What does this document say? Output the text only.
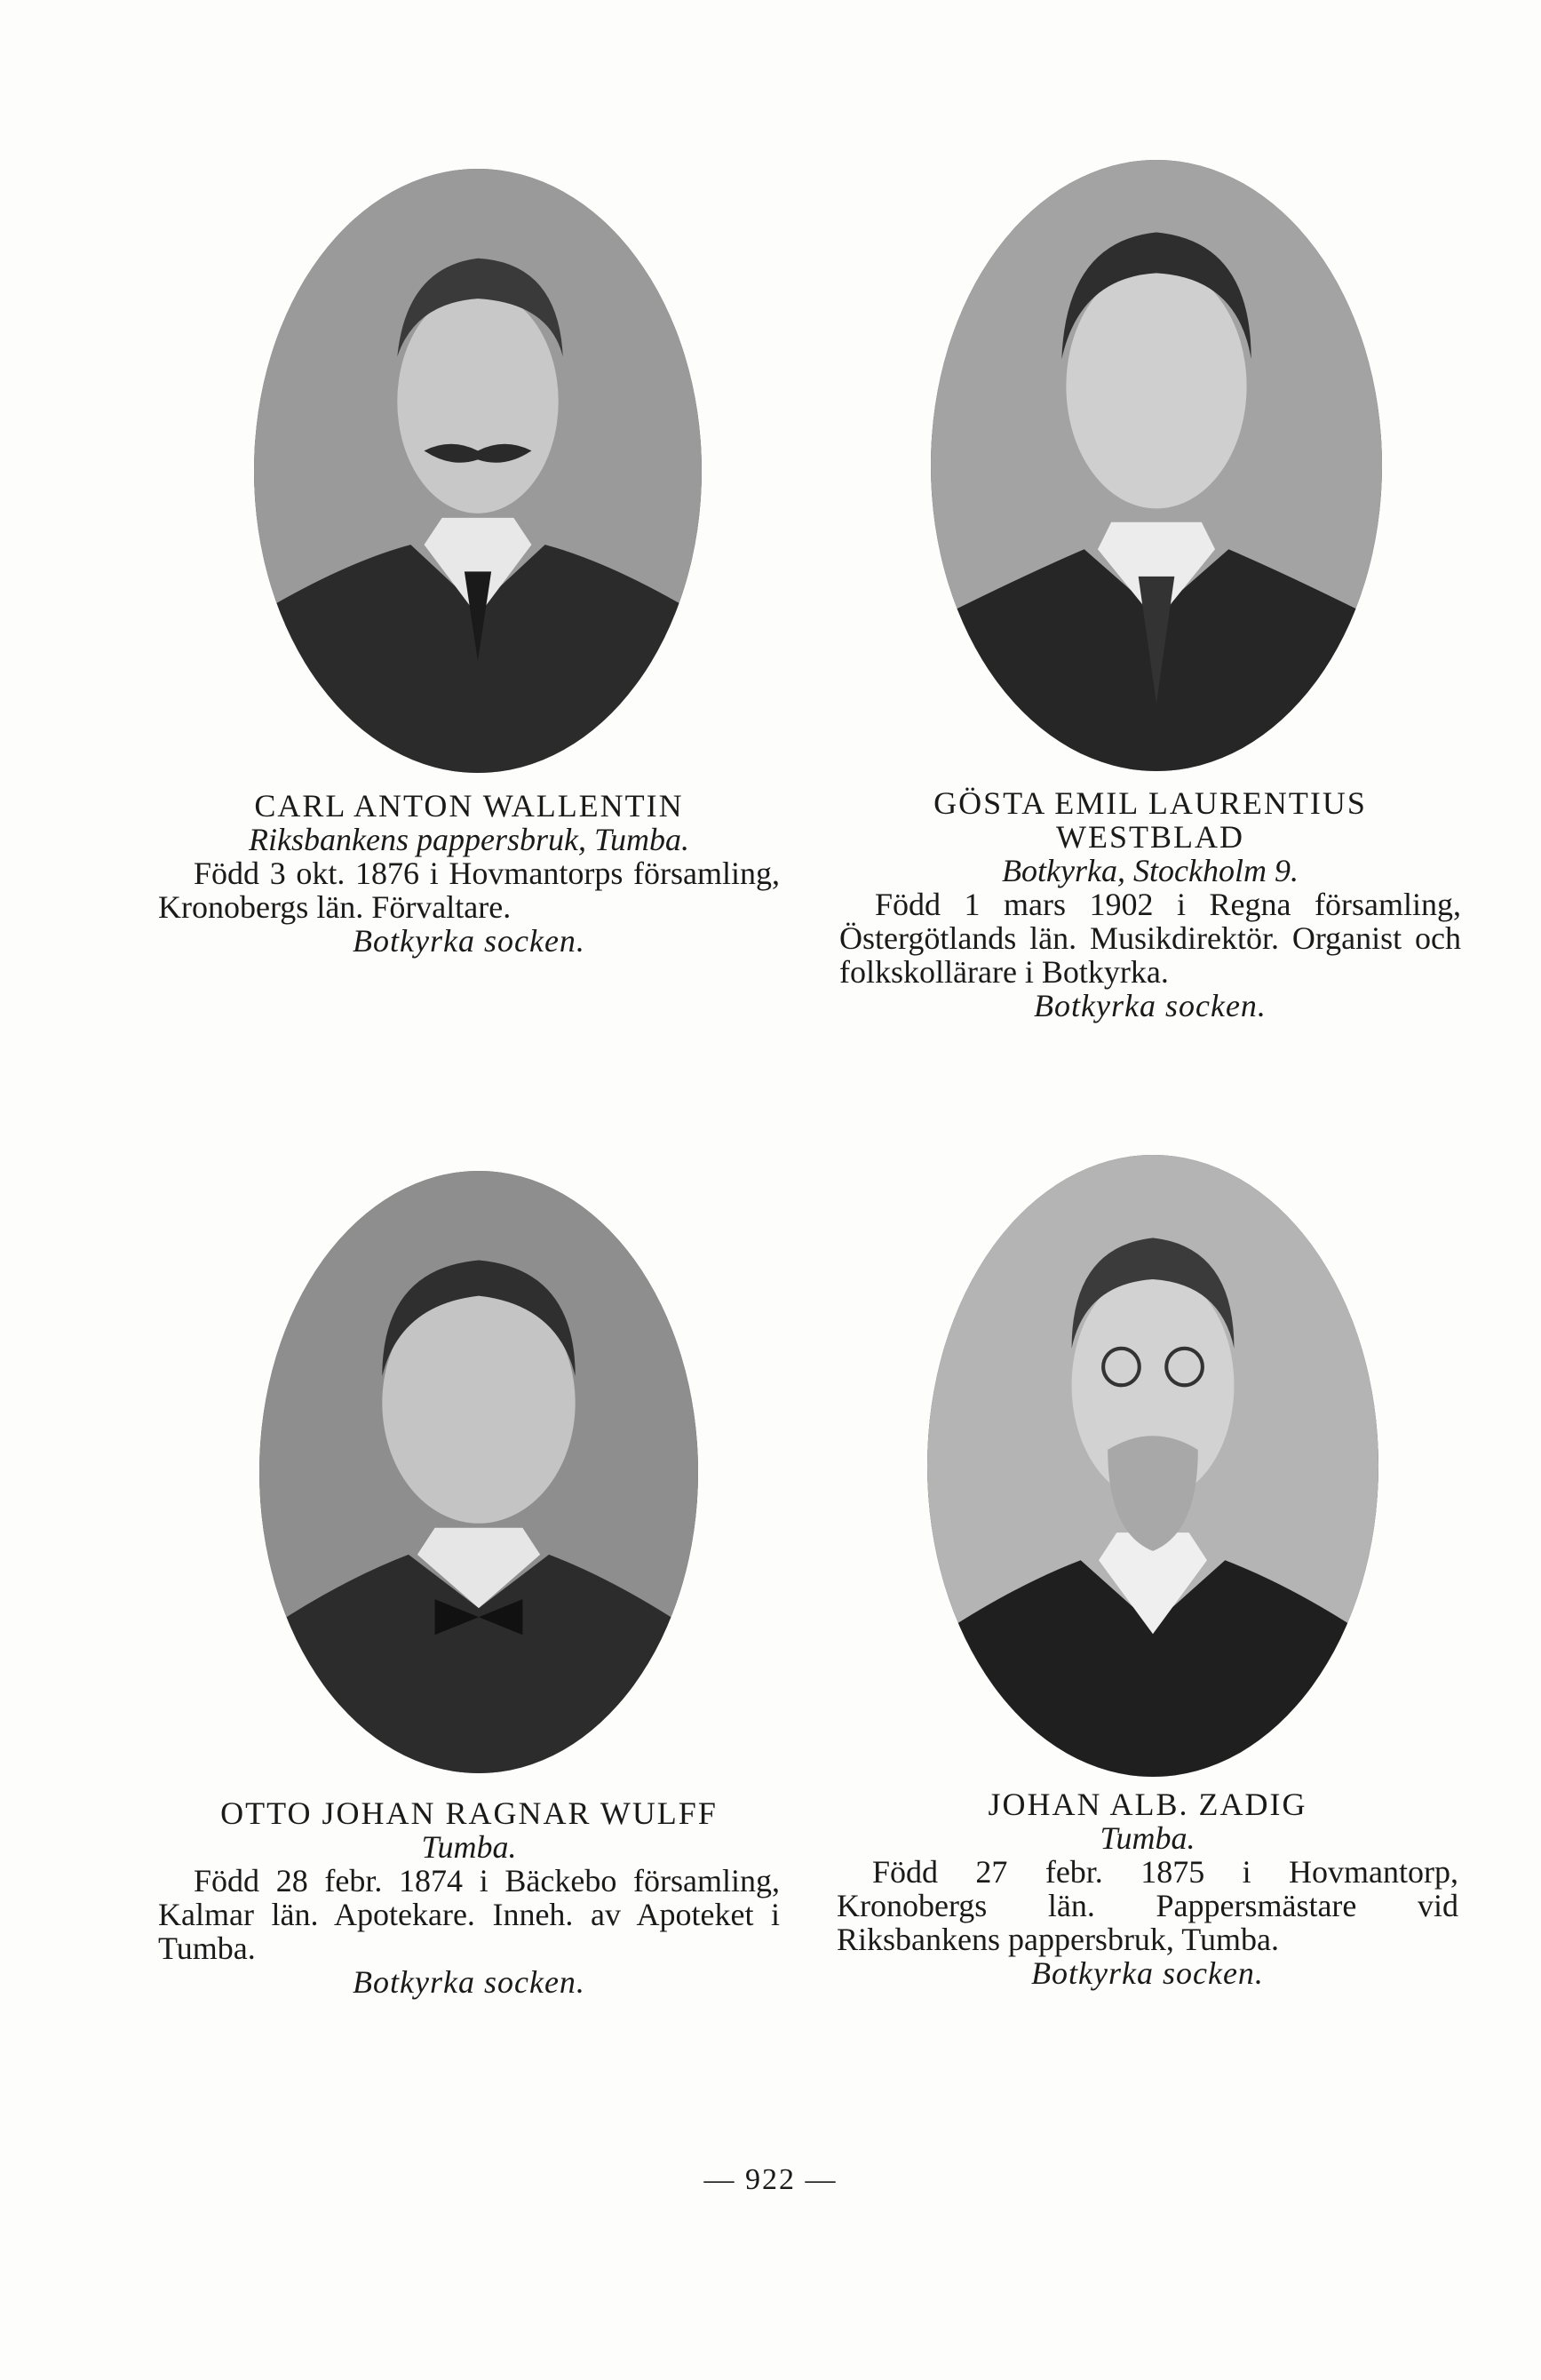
CARL ANTON WALLENTIN
Riksbankens pappersbruk, Tumba.
Född 3 okt. 1876 i Hovmantorps församling, Kronobergs län. Förvaltare.
Botkyrka socken.
GÖSTA EMIL LAURENTIUS WESTBLAD
Botkyrka, Stockholm 9.
Född 1 mars 1902 i Regna församling, Östergötlands län. Musikdirektör. Organist och folkskollärare i Botkyrka.
Botkyrka socken.
OTTO JOHAN RAGNAR WULFF
Tumba.
Född 28 febr. 1874 i Bäckebo församling, Kalmar län. Apotekare. Inneh. av Apoteket i Tumba.
Botkyrka socken.
JOHAN ALB. ZADIG
Tumba.
Född 27 febr. 1875 i Hovmantorp, Kronobergs län. Pappersmästare vid Riksbankens pappersbruk, Tumba.
Botkyrka socken.
— 922 —
